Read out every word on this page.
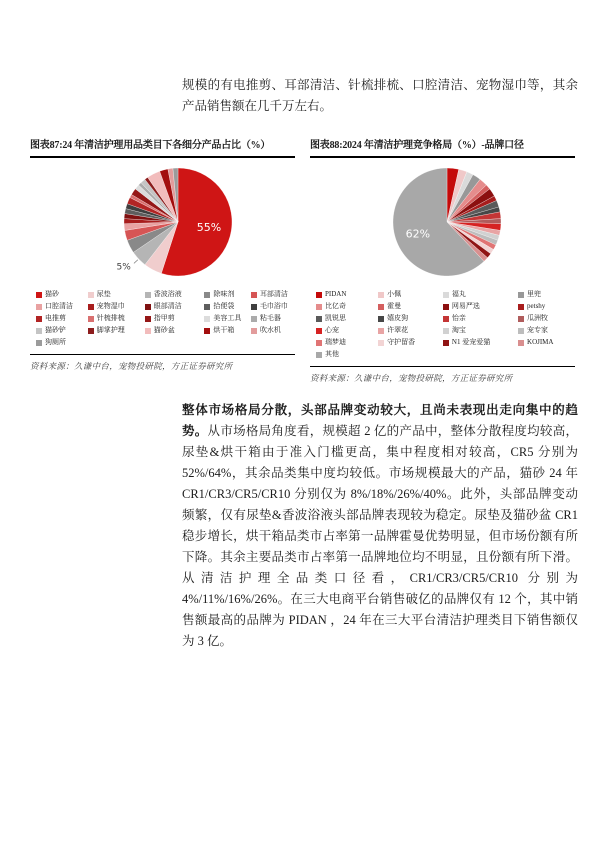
规模的有电推剪、耳部清洁、针梳排梳、口腔清洁、宠物湿巾等，其余产品销售额在几千万左右。

图表87:24 年清洁护理用品类目下各细分产品占比（%）
55%
5%
猫砂	尿垫	香波浴液	除味剂	耳部清洁
口腔清洁	宠物湿巾	眼部清洁	拾便袋	毛巾浴巾
电推剪	针梳排梳	指甲剪	美容工具	粘毛器
猫砂铲	脚掌护理	猫砂盆	烘干箱	吹水机
狗厕所
资料来源：久谦中台，宠物投研院，方正证券研究所
图表88:2024 年清洁护理竞争格局（%）-品牌口径
62%
PIDAN	小佩	福丸	里兜
比亿奇	霍曼	网易严选	petshy
凯锐思	嬉皮狗	怡亲	瓜洲牧
心宠	许翠花	淘宝	宠专家
瑞梦迪	守护留香	N1 爱宠爱猫	KOJIMA
其他
资料来源：久谦中台，宠物投研院，方正证券研究所

整体市场格局分散，头部品牌变动较大，且尚未表现出走向集中的趋势。从市场格局角度看，规模超 2 亿的产品中，整体分散程度均较高，尿垫&烘干箱由于准入门槛更高，集中程度相对较高，CR5 分别为 52%/64%，其余品类集中度均较低。市场规模最大的产品，猫砂 24 年 CR1/CR3/CR5/CR10 分别仅为 8%/18%/26%/40%。此外，头部品牌变动频繁，仅有尿垫&香波浴液头部品牌表现较为稳定。尿垫及猫砂盆 CR1 稳步增长，烘干箱品类市占率第一品牌霍曼优势明显，但市场份额有所下降。其余主要品类市占率第一品牌地位均不明显，且份额有所下滑。从清洁护理全品类口径看，CR1/CR3/CR5/CR10 分别为 4%/11%/16%/26%。在三大电商平台销售破亿的品牌仅有 12 个，其中销售额最高的品牌为 PIDAN ，24 年在三大平台清洁护理类目下销售额仅为 3 亿。
